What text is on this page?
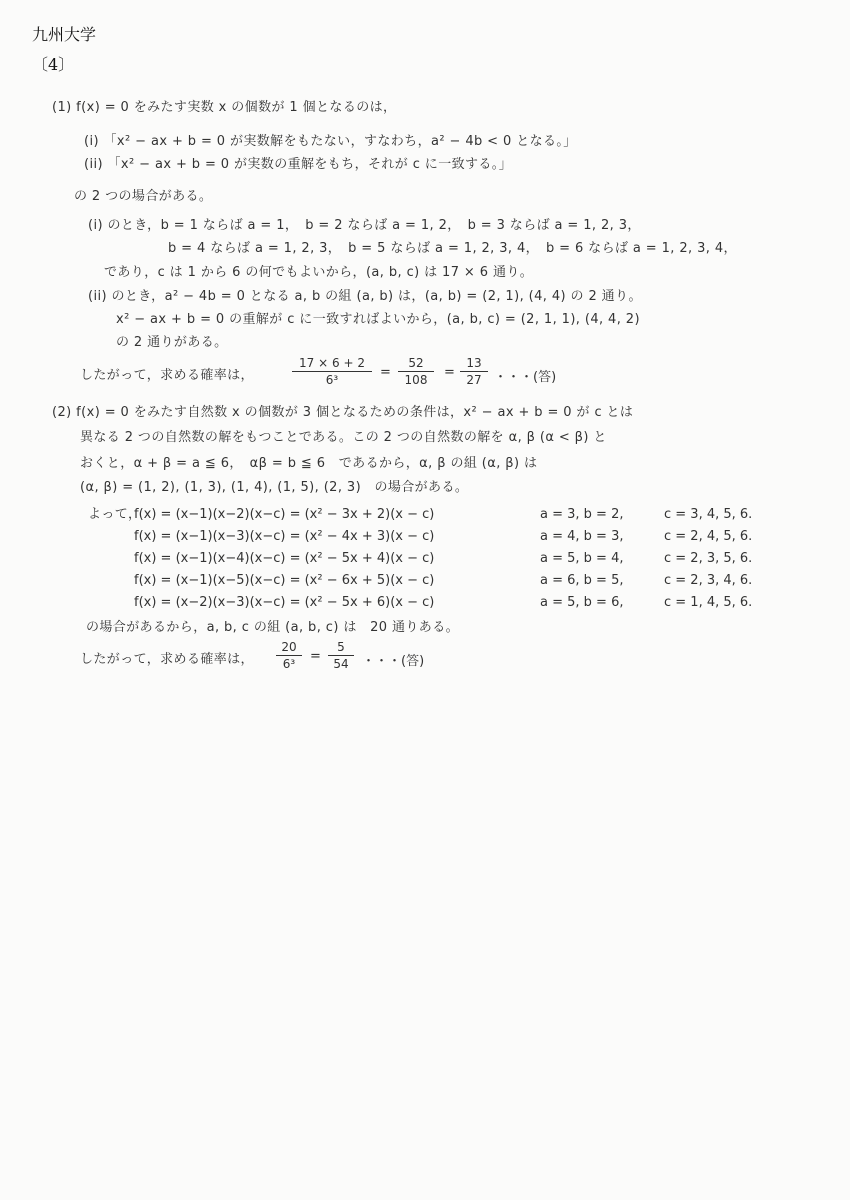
九州大学
〔4〕
(1) f(x) = 0 をみたす実数 x の個数が 1 個となるのは，
(i) 「x² − ax + b = 0 が実数解をもたない，すなわち，a² − 4b < 0 となる。」
(ii) 「x² − ax + b = 0 が実数の重解をもち，それが c に一致する。」
の 2 つの場合がある。
(i) のとき，b = 1 ならば a = 1，　b = 2 ならば a = 1, 2，　b = 3 ならば a = 1, 2, 3，
b = 4 ならば a = 1, 2, 3，　b = 5 ならば a = 1, 2, 3, 4，　b = 6 ならば a = 1, 2, 3, 4，
であり，c は 1 から 6 の何でもよいから，(a, b, c) は 17 × 6 通り。
(ii) のとき，a² − 4b = 0 となる a, b の組 (a, b) は，(a, b) = (2, 1), (4, 4) の 2 通り。
x² − ax + b = 0 の重解が c に一致すればよいから，(a, b, c) = (2, 1, 1), (4, 4, 2)
の 2 通りがある。
したがって，求める確率は，	$\frac{17 \times 6 + 2}{\text{6³}} = \frac{52}{108} = \frac{13}{27}$ ・・・(答)
(2) f(x) = 0 をみたす自然数 x の個数が 3 個となるための条件は，x² − ax + b = 0 が c とは
異なる 2 つの自然数の解をもつことである。この 2 つの自然数の解を α, β (α < β) と
おくと，α + β = a ≦ 6，　αβ = b ≦ 6　であるから，α, β の組 (α, β) は
(α, β) = (1, 2), (1, 3), (1, 4), (1, 5), (2, 3)　の場合がある。
よって，
f(x) = (x−1)(x−2)(x−c) = (x² − 3x + 2)(x − c)	a = 3, b = 2,	c = 3, 4, 5, 6.
f(x) = (x−1)(x−3)(x−c) = (x² − 4x + 3)(x − c)	a = 4, b = 3,	c = 2, 4, 5, 6.
f(x) = (x−1)(x−4)(x−c) = (x² − 5x + 4)(x − c)	a = 5, b = 4,	c = 2, 3, 5, 6.
f(x) = (x−1)(x−5)(x−c) = (x² − 6x + 5)(x − c)	a = 6, b = 5,	c = 2, 3, 4, 6.
f(x) = (x−2)(x−3)(x−c) = (x² − 5x + 6)(x − c)	a = 5, b = 6,	c = 1, 4, 5, 6.
の場合があるから，a, b, c の組 (a, b, c) は　20 通りある。
したがって，求める確率は， $\frac{20}{\text{6³}} = \frac{5}{54}$ ・・・(答)
